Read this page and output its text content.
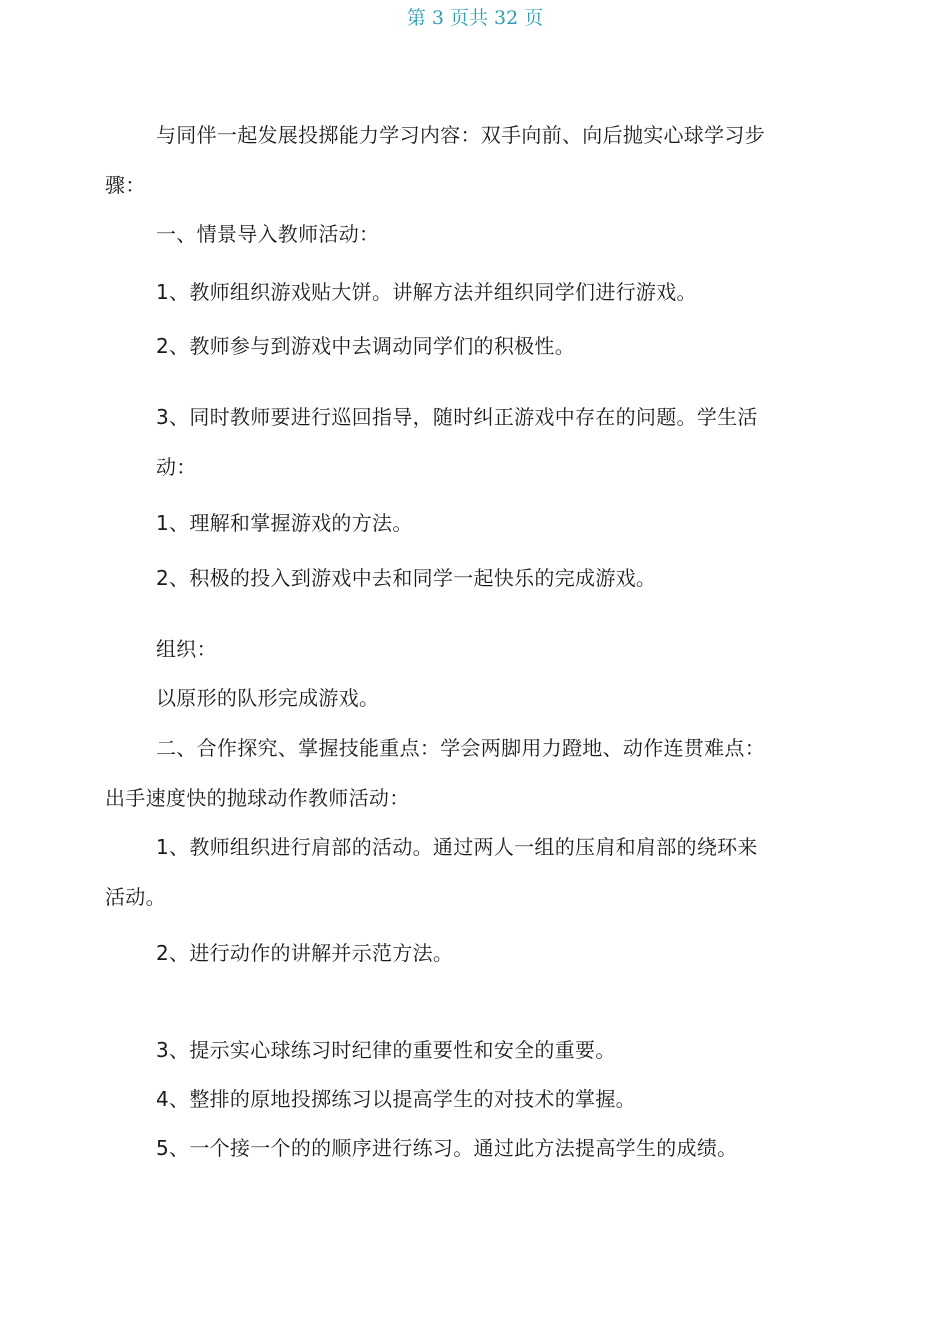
第 3 页共 32 页
与同伴一起发展投掷能力学习内容：双手向前、向后抛实心球学习步
骤：
一、情景导入教师活动：
1、教师组织游戏贴大饼。讲解方法并组织同学们进行游戏。
2、教师参与到游戏中去调动同学们的积极性。
3、同时教师要进行巡回指导，随时纠正游戏中存在的问题。学生活
动：
1、理解和掌握游戏的方法。
2、积极的投入到游戏中去和同学一起快乐的完成游戏。
组织：
以原形的队形完成游戏。
二、合作探究、掌握技能重点：学会两脚用力蹬地、动作连贯难点：
出手速度快的抛球动作教师活动：
1、教师组织进行肩部的活动。通过两人一组的压肩和肩部的绕环来
活动。
2、进行动作的讲解并示范方法。
3、提示实心球练习时纪律的重要性和安全的重要。
4、整排的原地投掷练习以提高学生的对技术的掌握。
5、一个接一个的的顺序进行练习。通过此方法提高学生的成绩。
